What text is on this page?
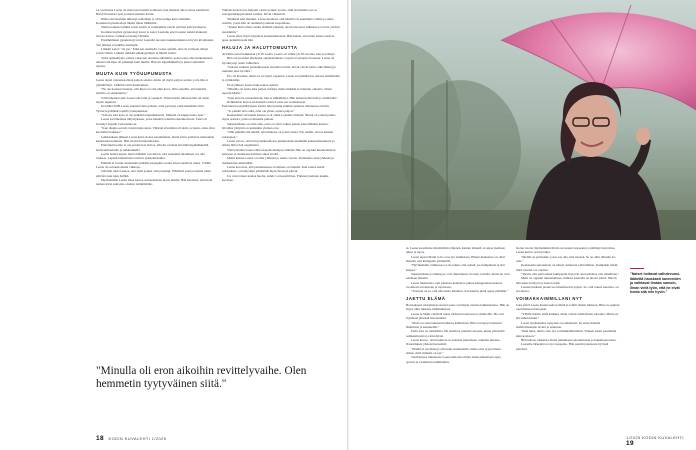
14-vuotiaana Leena oli menossa bussilla kotikaan, kun mahaan alkoi sattua kamalasti. Hän jäi bussista pois ja meni takaisin kotiin.

Illalla alavatsakipu ilmestyi uudelleen ja oli kovempi kuin aiemmin. Kouluterveydenhoitaja lähetti hänet lääkärille.

Sitten koulusta tulikin soitto kotiin ja vanhemmat veivät tyttären päivystykseen.

Kouluterveyden gynekologi totesi ja sanoi Leenalle ettei Leenan turkki maksaisi luovaa hoitoa. Lääkäri ei tiennyt mitään.

Ensimmäinen gynekologi totesi Leenalle nuorena kuukautiskierron hyvin kivuliaaksi. Sen jälkeen ei tutkittu enempää.

Lääkäri sanoi: "Ai jaa." Eikä sen enempää. Leena ajatteli, että oli varmaan tehnyt jotain väärin. Lääkäri määräsi ehkäisypillerit ja lähetti kotiin.

Vielä opiskelijana, ennen vakavien oireiden alkamista, koki Leena aina kuukautisten aikaan että kipu oli pahempi kuin muilla. Hän söi kipulääkkeitä ja jaksoi sinnitellä arjessa.

MUUTA KUIN TYÖUUPUMUSTA

Leena tajusi vastaanotollaan paljon asioita, mutta oli myös paljon asioita, joita hän ei ymmärtänyt. Lääkärit eivät kuunnelleet.

"En ole koskaan tiennyt, että kipu voi olla näin kova. Olin ajatellut, että kaikilla naisilla on samanlaista."

Välivaiheiden ajan Leena teki töitä ja opiskeli. Töistä kotiin tultuaan hän oli usein täysin uupunut.

Keväällä 2009 Leena sairastui niin pahasti, ettei pystynyt enää tekemään töitä. Työterveyslääkäri epäili työuupumusta.

"Sanoin, että kyse ei ole pelkästä uupumuksesta. Minulla on kipuja koko ajan."

Leena sai lähetteen tähystykseen, jossa hänellä todettiin endometrioosi. Tauti oli levinnyt laajalle vatsaonteloon.

"Kun diagnoosi tuli, tunsin helpotusta. Vihdoin kivuilleni oli nimi, ja tiesin, etten ollut kuvitellut kaikkea."

Leikkauksen jälkeen Leena koki olonsa paremmaksi, mutta kivut palasivat muutaman kuukauden kuluttua. Hän aloitti hormonihoidon.

Endometrioosiin ei ole parantavaa hoitoa. Oireita voidaan lievittää kipulääkkeillä, hormonihoidoilla ja leikkauksilla.

Leena halusi lapsia, mutta lääkärit varoittivat, että raskaaksi tuleminen voi olla vaikeaa. Lapsettomuushoidot tulivat ajankohtaisiksi.

Elämää ei voinut suunnitella pitkälle eteenpäin, koska kivut sanelivat arkea. Välillä Leena oli sairauslomalla viikkoja.

Silti hän jaksoi uskoa, että vielä joskus olisi parempi. Elämästä saattoi nauttia niinä päivinä, kun kipu hellitti.

Myöhemmin Leena alkoi kertoa sairaudestaan myös muille. Hän huomasi, että moni nainen kärsi samoista oireista tietämättään.

Vaihdevuosien tulo helpotti oireita jonkin verran, sillä endometrioosi on estrogeeniriippuvainen sairaus. Kivut vähenivät.

Yhtäkkiä arki muuttui. Leena huomasi, että hänellä oli enemmän voimia ja aikaa asioille, joista hän oli aiemmin joutunut luopumaan.

"Tuntui kuin olisin saanut elämäni takaisin. Aloin harrastaa liikuntaa ja tavata ystäviä useammin."

Leena alkoi myös kirjoittaa kokemuksistaan. Hän halusi, että muut naiset saisivat apua aiemmin kuin hän.

HALUJA JA HALUTTOMUUTTA

Avioliitto kesti kaikkiaan yli 30 vuotta. Leena oli vähän yli 30-vuotias, kun se päättyi.

Hän oli tavannut miehensä opiskeluaikana. Lapsia ei syntynyt koskaan. Leena oli hyväksynyt asian vähitellen.

"Sairaus vaikutti parisuhteeseen monella tavalla. Kivut veivät halut, eikä läheisyys tuntunut aina hyvältä."

Ero oli kivulias, mutta se toi myös vapautta. Leena sai päättää itse omasta elämästään ja rytmistään.

Eron jälkeen Leena haki seuraa netistä.

"Minulla oli ensin aika paljon treffejä, mutta mikään ei tuntunut oikealta. Sitten tapasin Matin."

"Kun kerroin sairaudestani, hän ei säikähtänyt. Hän halusi tietää lisää ja ymmärtää."

Rohkeuttaa kertoa endometrioosista Leena sai vertaistuesta. Endometrioosiyhdistyksen kautta hän tutustui muihin samassa tilanteessa oleviin.

"Jo pelkkä tieto siitä, ettei ole yksin, auttaa paljon."

Keskustelut vertaisten kanssa ovat olleet Leenalle tärkeitä. Niissä on voinut puhua myös asioista, joista ei muualla puhuta.

Seksuaalisuus on ollut aihe, josta on ollut vaikea puhua edes lääkärin kanssa. Kivulias yhdyntä on kuitenkin yleinen oire.

"Olin pitkään sitä mieltä, että minussa on jotain vikaa. Nyt tiedän, että se kuuluu sairauteen."

Leena toivoo, että terveydenhuollossa puhuttaisiin enemmän seksuaalisuudesta ja siihen liittyvistä ongelmista.

Tänä päivänä Leena elää tasapainoisempaa elämää. Hän on oppinut kuuntelemaan kehoaan ja antamaan itselleen aikaa levätä.

Matin kanssa Leena on ollut yhdessä jo useita vuosia. Pariskunta asuu yhdessä ja matkustelee mielellään.

Leena korostaa, että parisuhteessa avoimuus on tärkeää. Kun toinen tietää sairaudesta, on helpompi ymmärtää myös huonoja päiviä.

Jos vain toinen kantaa huolta, suhde voi kuormittua. Yhdessä jaettuna taakka kevenee.

"Minulla oli eron aikoihin revittelyvaihe. Olen hemmetin tyytyväinen siitä."
18 KODIN KUVALEHTI 1/2025

ei. Leena suosittelee miettimään tyhjensä, kuinka tärkeää on antaa itselleen aikaa ja lepoa.

Leena tapasi Matin ja he ovat nyt naimisissa. Hänen mukaansa on ollut tärkeää, että kumppani ymmärtää.

"Hyväksikäin vaihtuessa ei ole pakko olla seksiä, jos kumpikaan ei sitä kaipaa."

Seksuaalisuus ja läheisyys ovat muuttuneet vuosien varrella, mutta ne ovat edelleen tärkeitä.

Leena muistuttaa, että jokaisen kannattaa puhua kumppaninsa kanssa avoimesti toiveistaan ja rajoistaan.

"Tosiasia on se, että oma keho muuttuu. Sen kanssa pitää oppia elämään."

JAETTU ELÄMÄ

Hoitaakseen endometrioosiaan Leena on käynyt useissa leikkauksissa. Hän on myös ollut mukana tutkimuksissa.

Leena ja Matti viettävät aikaa yhdessä luonnossa ja matkoilla. He ovat löytäneet yhteisiä harrastuksia.

"Matti on ollut tukenani kaikissa käänteissä. Hän on käynyt kanssani lääkärissä ja kuunnellut."

Parin arki on rauhallista. He nauttivat pienistä asioista, kuten yhteisistä aamukahveista ja kävelyistä.

Leena kertoo, että huumori on auttanut jaksamaan vaikeina aikoina. Nauraminen yhdessä keventää.

"Elämä ei ole mennyt niin kuin suunnittelin, mutta olen tyytyväinen siihen, mitä minulla on nyt."

Tuollaisessa tilanteessa Leena kehottaa muita naisia hakemaan apua ajoissa ja vaatimaan tutkimuksia.

Koine vuotta myöhemmin Matti oni saanut tarpeeksi ja päättänyt kirjoittaa. Leena kertoo sen hyväksi.

"Meillä on parisuhde, jossa saa olla oma itsensä. Se on ollut minulle iso asia."

Keskustelu sairaudesta on tehnyt suhteesta vahvemman. Kumpikin tietää, mitä toiselta voi odottaa.

"Tiesin, että sekä oikeat kumppanit löytyvät, kun uskaltaa olla rehellinen."

Matti on oppinut tunnistamaan, milloin Leenalla on huono päivä. Silloin hän tekee kotityöt ja antaa levätä.

Leenan mukaan pienet teot merkitsevät paljon. Se, että toinen huomaa, on arvokasta.

VOIMAKKAIMMILLANI NYT

Joka päivä Leena kuulee kehon ääniä ja toimii niiden mukaan. Hän on oppinut rajoittamaan menojaan.

"Välillä mietin, mitä kaikkea olisin voinut tehdä ilman sairautta. Mutta en jää siihen kiinni."

Leena työskentelee nykyisin osa-aikaisesti. Se antaa hänelle mahdollisuuden levätä ja palautua.

"Ikää tulee, mutta olen nyt voimakkaimmillani. Tunnen itseni paremmin kuin koskaan."

Hän haluaa rohkaista muita puhumaan sairaudestaan ja hakemaan tukea.

Leenalle tärkeintä on nyt tasapaino. Hän nauttii jokaisesta hyvästä päivästä.

"Naiset hoitavat vaihdevuosi-lääkettä hauskasti kavereiden ja vaihtavat ilmaan samoin, ilman vielä työn, että he eivät hoida sitä niin hyvin."
1/2025 KODIN KUVALEHTI 19
